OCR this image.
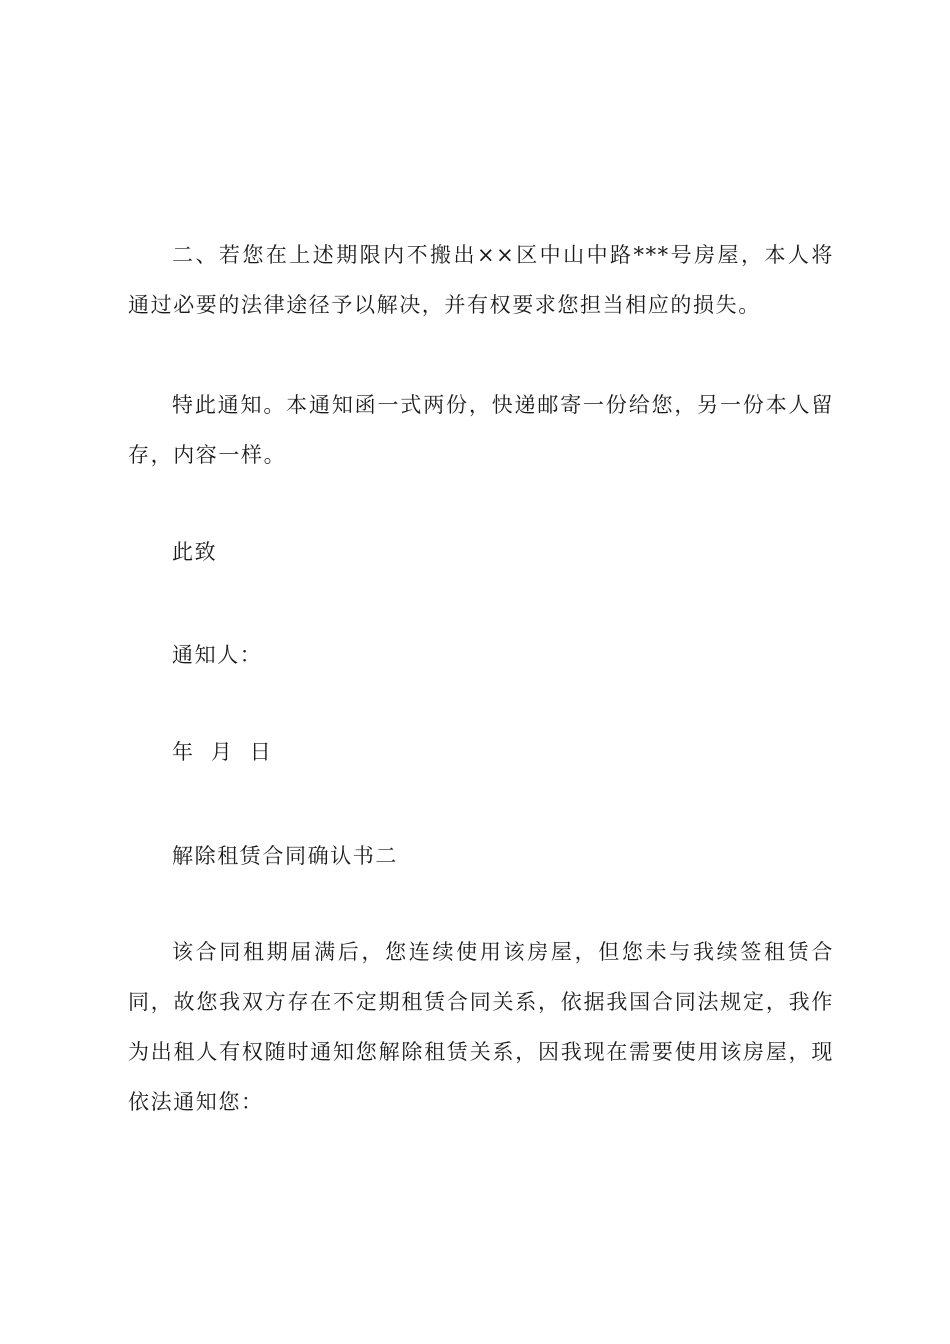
二、若您在上述期限内不搬出××区中山中路***号房屋，本人将通过必要的法律途径予以解决，并有权要求您担当相应的损失。

特此通知。本通知函一式两份，快递邮寄一份给您，另一份本人留存，内容一样。

此致

通知人：

年 月 日

解除租赁合同确认书二

该合同租期届满后，您连续使用该房屋，但您未与我续签租赁合同，故您我双方存在不定期租赁合同关系，依据我国合同法规定，我作为出租人有权随时通知您解除租赁关系，因我现在需要使用该房屋，现依法通知您：
